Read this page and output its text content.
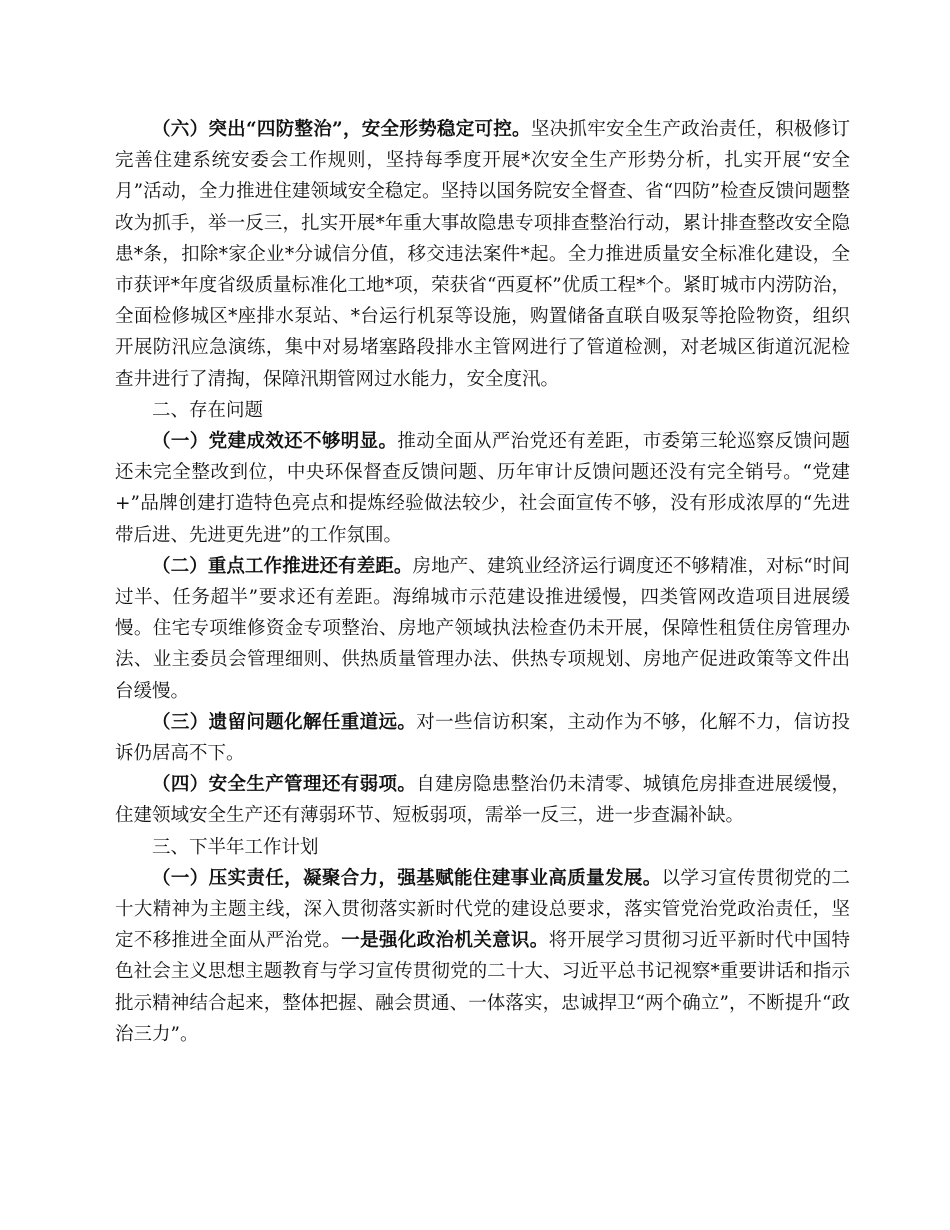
（六）突出“四防整治”，安全形势稳定可控。坚决抓牢安全生产政治责任，积极修订完善住建系统安委会工作规则，坚持每季度开展*次安全生产形势分析，扎实开展“安全月”活动，全力推进住建领域安全稳定。坚持以国务院安全督查、省“四防”检查反馈问题整改为抓手，举一反三，扎实开展*年重大事故隐患专项排查整治行动，累计排查整改安全隐患*条，扣除*家企业*分诚信分值，移交违法案件*起。全力推进质量安全标准化建设，全市获评*年度省级质量标准化工地*项，荣获省“西夏杯”优质工程*个。紧盯城市内涝防治，全面检修城区*座排水泵站、*台运行机泵等设施，购置储备直联自吸泵等抢险物资，组织开展防汛应急演练，集中对易堵塞路段排水主管网进行了管道检测，对老城区街道沉泥检查井进行了清掏，保障汛期管网过水能力，安全度汛。

二、存在问题

（一）党建成效还不够明显。推动全面从严治党还有差距，市委第三轮巡察反馈问题还未完全整改到位，中央环保督查反馈问题、历年审计反馈问题还没有完全销号。“党建+”品牌创建打造特色亮点和提炼经验做法较少，社会面宣传不够，没有形成浓厚的“先进带后进、先进更先进”的工作氛围。

（二）重点工作推进还有差距。房地产、建筑业经济运行调度还不够精准，对标“时间过半、任务超半”要求还有差距。海绵城市示范建设推进缓慢，四类管网改造项目进展缓慢。住宅专项维修资金专项整治、房地产领域执法检查仍未开展，保障性租赁住房管理办法、业主委员会管理细则、供热质量管理办法、供热专项规划、房地产促进政策等文件出台缓慢。

（三）遗留问题化解任重道远。对一些信访积案，主动作为不够，化解不力，信访投诉仍居高不下。

（四）安全生产管理还有弱项。自建房隐患整治仍未清零、城镇危房排查进展缓慢，住建领域安全生产还有薄弱环节、短板弱项，需举一反三，进一步查漏补缺。

三、下半年工作计划

（一）压实责任，凝聚合力，强基赋能住建事业高质量发展。以学习宣传贯彻党的二十大精神为主题主线，深入贯彻落实新时代党的建设总要求，落实管党治党政治责任，坚定不移推进全面从严治党。一是强化政治机关意识。将开展学习贯彻习近平新时代中国特色社会主义思想主题教育与学习宣传贯彻党的二十大、习近平总书记视察*重要讲话和指示批示精神结合起来，整体把握、融会贯通、一体落实，忠诚捍卫“两个确立”，不断提升“政治三力”。
